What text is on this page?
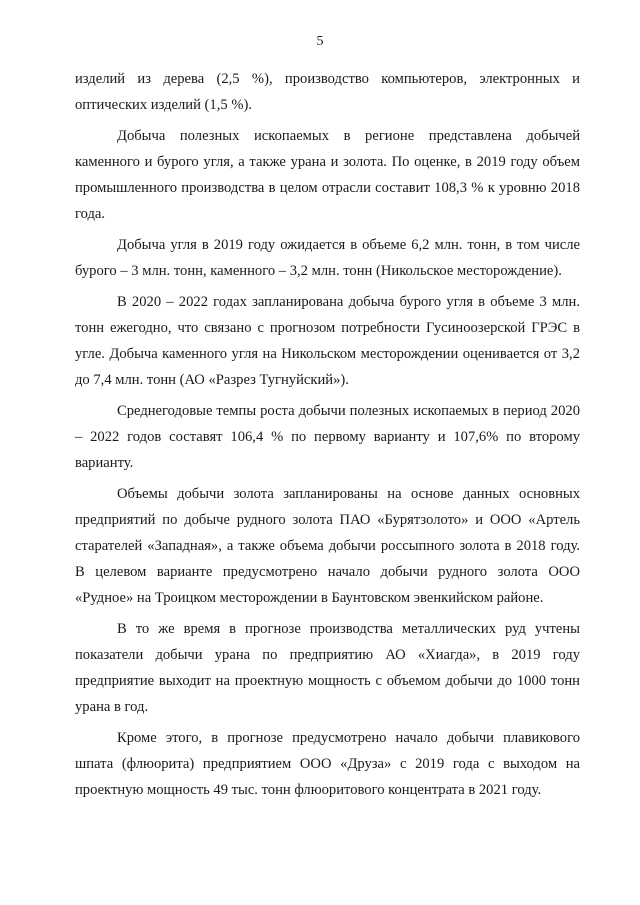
5

изделий из дерева (2,5 %), производство компьютеров, электронных и оптических изделий (1,5 %).

Добыча полезных ископаемых в регионе представлена добычей каменного и бурого угля, а также урана и золота. По оценке, в 2019 году объем промышленного производства в целом отрасли составит 108,3 % к уровню 2018 года.

Добыча угля в 2019 году ожидается в объеме 6,2 млн. тонн, в том числе бурого – 3 млн. тонн, каменного – 3,2 млн. тонн (Никольское месторождение).

В 2020 – 2022 годах запланирована добыча бурого угля в объеме 3 млн. тонн ежегодно, что связано с прогнозом потребности Гусиноозерской ГРЭС в угле. Добыча каменного угля на Никольском месторождении оценивается от 3,2 до 7,4 млн. тонн (АО «Разрез Тугнуйский»).

Среднегодовые темпы роста добычи полезных ископаемых в период 2020 – 2022 годов составят 106,4 % по первому варианту и 107,6% по второму варианту.

Объемы добычи золота запланированы на основе данных основных предприятий по добыче рудного золота ПАО «Бурятзолото» и ООО «Артель старателей «Западная», а также объема добычи россыпного золота в 2018 году. В целевом варианте предусмотрено начало добычи рудного золота ООО «Рудное» на Троицком месторождении в Баунтовском эвенкийском районе.

В то же время в прогнозе производства металлических руд учтены показатели добычи урана по предприятию АО «Хиагда», в 2019 году предприятие выходит на проектную мощность с объемом добычи до 1000 тонн урана в год.

Кроме этого, в прогнозе предусмотрено начало добычи плавикового шпата (флюорита) предприятием ООО «Друза» с 2019 года с выходом на проектную мощность 49 тыс. тонн флюоритового концентрата в 2021 году.
